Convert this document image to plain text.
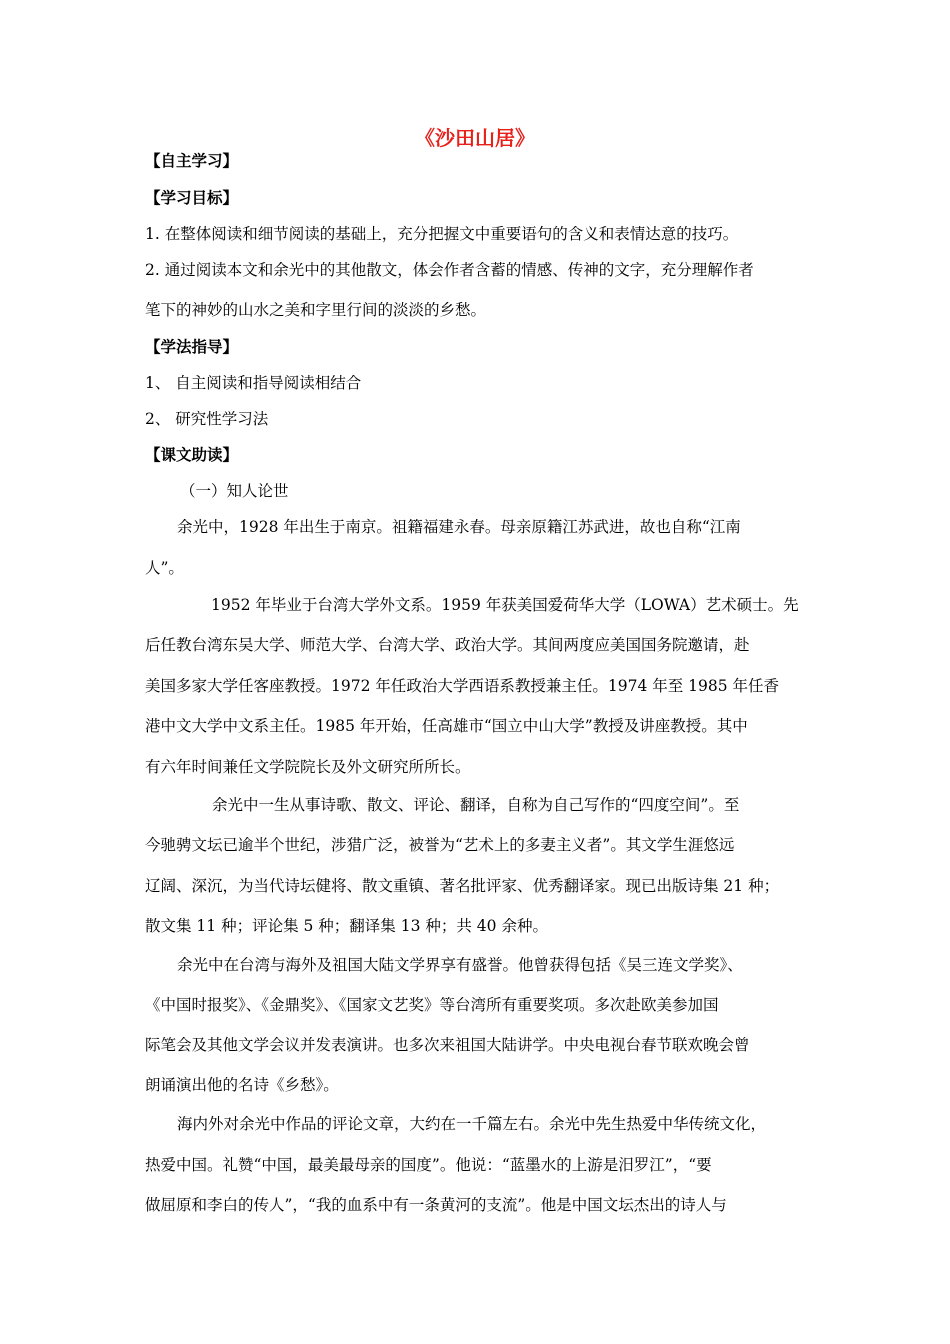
《沙田山居》
【自主学习】
【学习目标】
1. 在整体阅读和细节阅读的基础上，充分把握文中重要语句的含义和表情达意的技巧。
2. 通过阅读本文和余光中的其他散文，体会作者含蓄的情感、传神的文字，充分理解作者
笔下的神妙的山水之美和字里行间的淡淡的乡愁。
【学法指导】
1、 自主阅读和指导阅读相结合
2、 研究性学习法
【课文助读】
（一）知人论世
余光中，1928 年出生于南京。祖籍福建永春。母亲原籍江苏武进，故也自称“江南
人”。
1952 年毕业于台湾大学外文系。1959 年获美国爱荷华大学（LOWA）艺术硕士。先
后任教台湾东吴大学、师范大学、台湾大学、政治大学。其间两度应美国国务院邀请，赴
美国多家大学任客座教授。1972 年任政治大学西语系教授兼主任。1974 年至 1985 年任香
港中文大学中文系主任。1985 年开始，任高雄市“国立中山大学”教授及讲座教授。其中
有六年时间兼任文学院院长及外文研究所所长。
余光中一生从事诗歌、散文、评论、翻译，自称为自己写作的“四度空间”。至
今驰骋文坛已逾半个世纪，涉猎广泛，被誉为“艺术上的多妻主义者”。其文学生涯悠远
辽阔、深沉，为当代诗坛健将、散文重镇、著名批评家、优秀翻译家。现已出版诗集 21 种；
散文集 11 种；评论集 5 种；翻译集 13 种；共 40 余种。
余光中在台湾与海外及祖国大陆文学界享有盛誉。他曾获得包括《吴三连文学奖》、
《中国时报奖》、《金鼎奖》、《国家文艺奖》等台湾所有重要奖项。多次赴欧美参加国
际笔会及其他文学会议并发表演讲。也多次来祖国大陆讲学。中央电视台春节联欢晚会曾
朗诵演出他的名诗《乡愁》。
海内外对余光中作品的评论文章，大约在一千篇左右。余光中先生热爱中华传统文化，
热爱中国。礼赞“中国，最美最母亲的国度”。他说：“蓝墨水的上游是汨罗江”，“要
做屈原和李白的传人”，“我的血系中有一条黄河的支流”。他是中国文坛杰出的诗人与
